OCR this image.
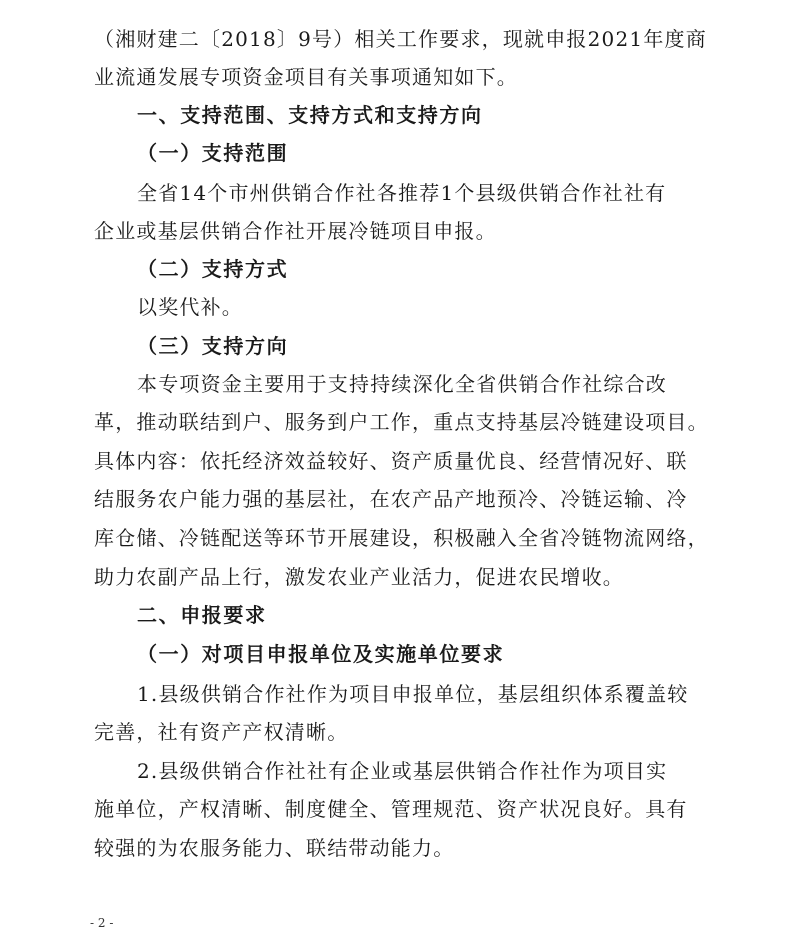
（湘财建二〔2018〕9号）相关工作要求，现就申报2021年度商
业流通发展专项资金项目有关事项通知如下。
一、支持范围、支持方式和支持方向
（一）支持范围
全省14个市州供销合作社各推荐1个县级供销合作社社有
企业或基层供销合作社开展冷链项目申报。
（二）支持方式
以奖代补。
（三）支持方向
本专项资金主要用于支持持续深化全省供销合作社综合改
革，推动联结到户、服务到户工作，重点支持基层冷链建设项目。
具体内容：依托经济效益较好、资产质量优良、经营情况好、联
结服务农户能力强的基层社，在农产品产地预冷、冷链运输、冷
库仓储、冷链配送等环节开展建设，积极融入全省冷链物流网络，
助力农副产品上行，激发农业产业活力，促进农民增收。
二、申报要求
（一）对项目申报单位及实施单位要求
1.县级供销合作社作为项目申报单位，基层组织体系覆盖较
完善，社有资产产权清晰。
2.县级供销合作社社有企业或基层供销合作社作为项目实
施单位，产权清晰、制度健全、管理规范、资产状况良好。具有
较强的为农服务能力、联结带动能力。
- 2 -
